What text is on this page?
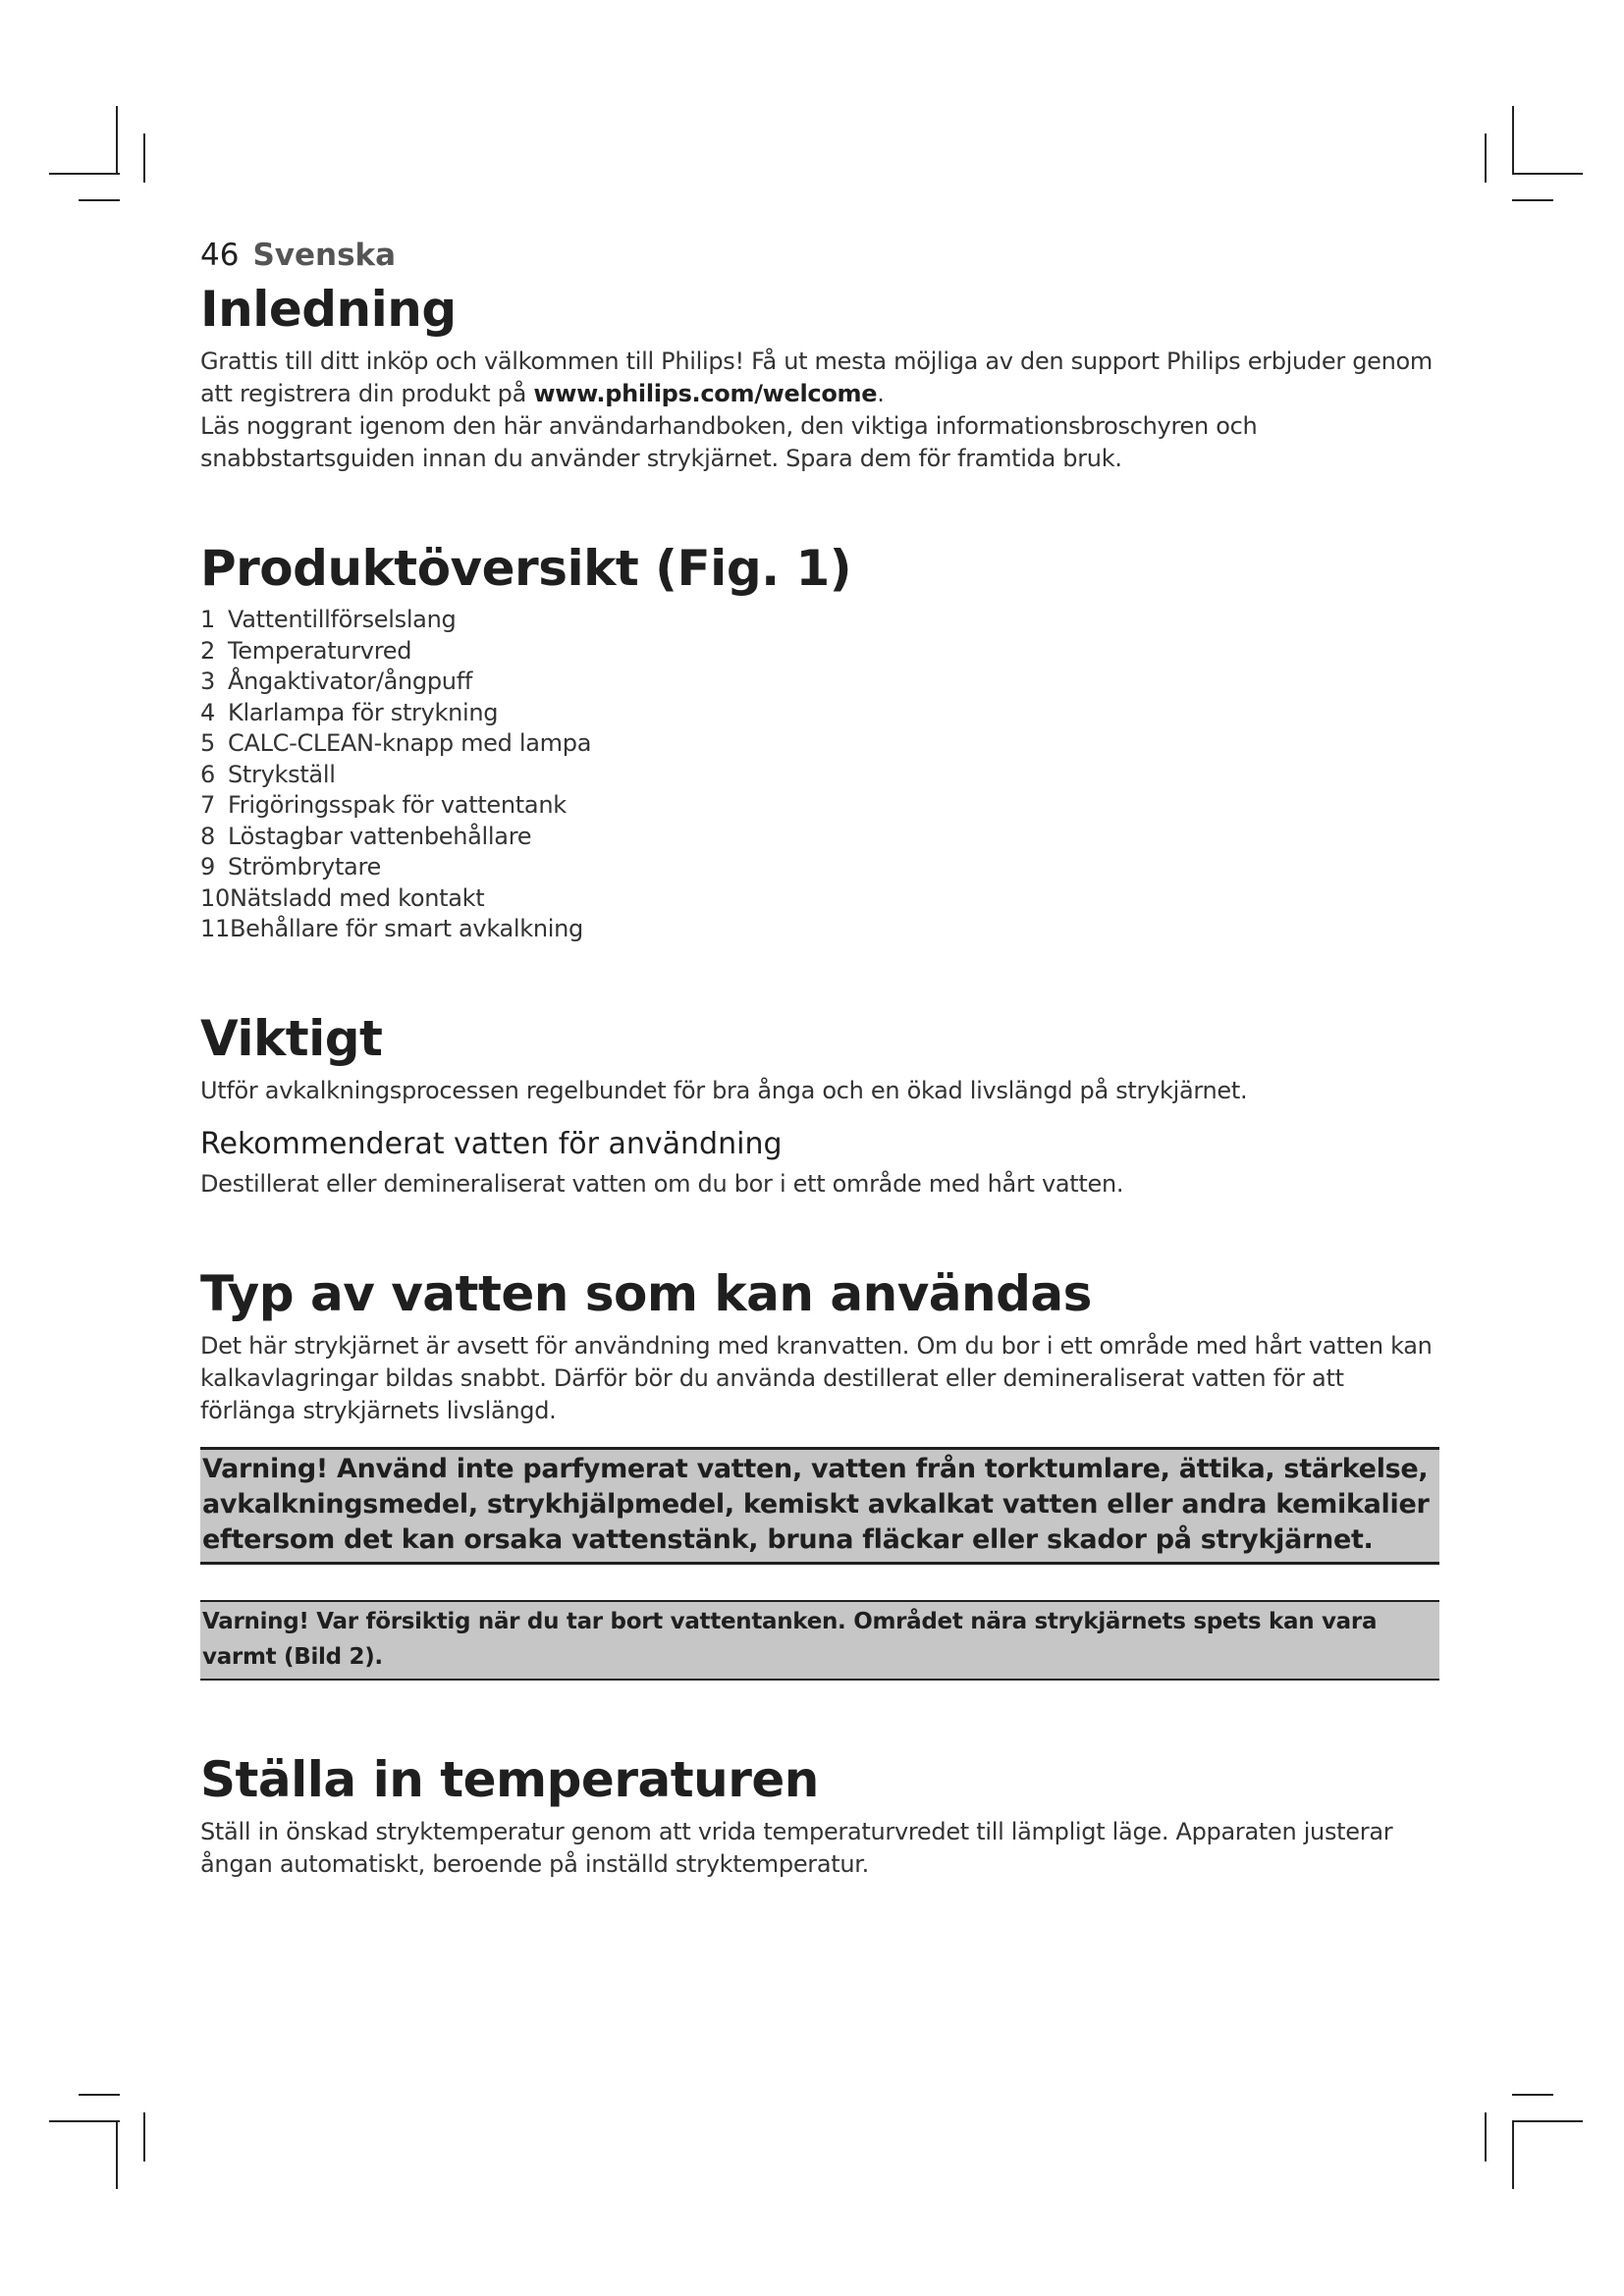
46 Svenska
Inledning

Grattis till ditt inköp och välkommen till Philips! Få ut mesta möjliga av den support Philips erbjuder genom att registrera din produkt på www.philips.com/welcome.

Läs noggrant igenom den här användarhandboken, den viktiga informationsbroschyren och snabbstartsguiden innan du använder strykjärnet. Spara dem för framtida bruk.

Produktöversikt (Fig. 1)
1 Vattentillförselslang
2 Temperaturvred
3 Ångaktivator/ångpuff
4 Klarlampa för strykning
5 CALC-CLEAN-knapp med lampa
6 Strykställ
7 Frigöringsspak för vattentank
8 Löstagbar vattenbehållare
9 Strömbrytare
10Nätsladd med kontakt
11Behållare för smart avkalkning
Viktigt

Utför avkalkningsprocessen regelbundet för bra ånga och en ökad livslängd på strykjärnet.

Rekommenderat vatten för användning

Destillerat eller demineraliserat vatten om du bor i ett område med hårt vatten.

Typ av vatten som kan användas

Det här strykjärnet är avsett för användning med kranvatten. Om du bor i ett område med hårt vatten kan kalkavlagringar bildas snabbt. Därför bör du använda destillerat eller demineraliserat vatten för att förlänga strykjärnets livslängd.

Varning! Använd inte parfymerat vatten, vatten från torktumlare, ättika, stärkelse, avkalkningsmedel, strykhjälpmedel, kemiskt avkalkat vatten eller andra kemikalier eftersom det kan orsaka vattenstänk, bruna fläckar eller skador på strykjärnet.
Varning! Var försiktig när du tar bort vattentanken. Området nära strykjärnets spets kan vara varmt (Bild 2).
Ställa in temperaturen

Ställ in önskad stryktemperatur genom att vrida temperaturvredet till lämpligt läge. Apparaten justerar ångan automatiskt, beroende på inställd stryktemperatur.
